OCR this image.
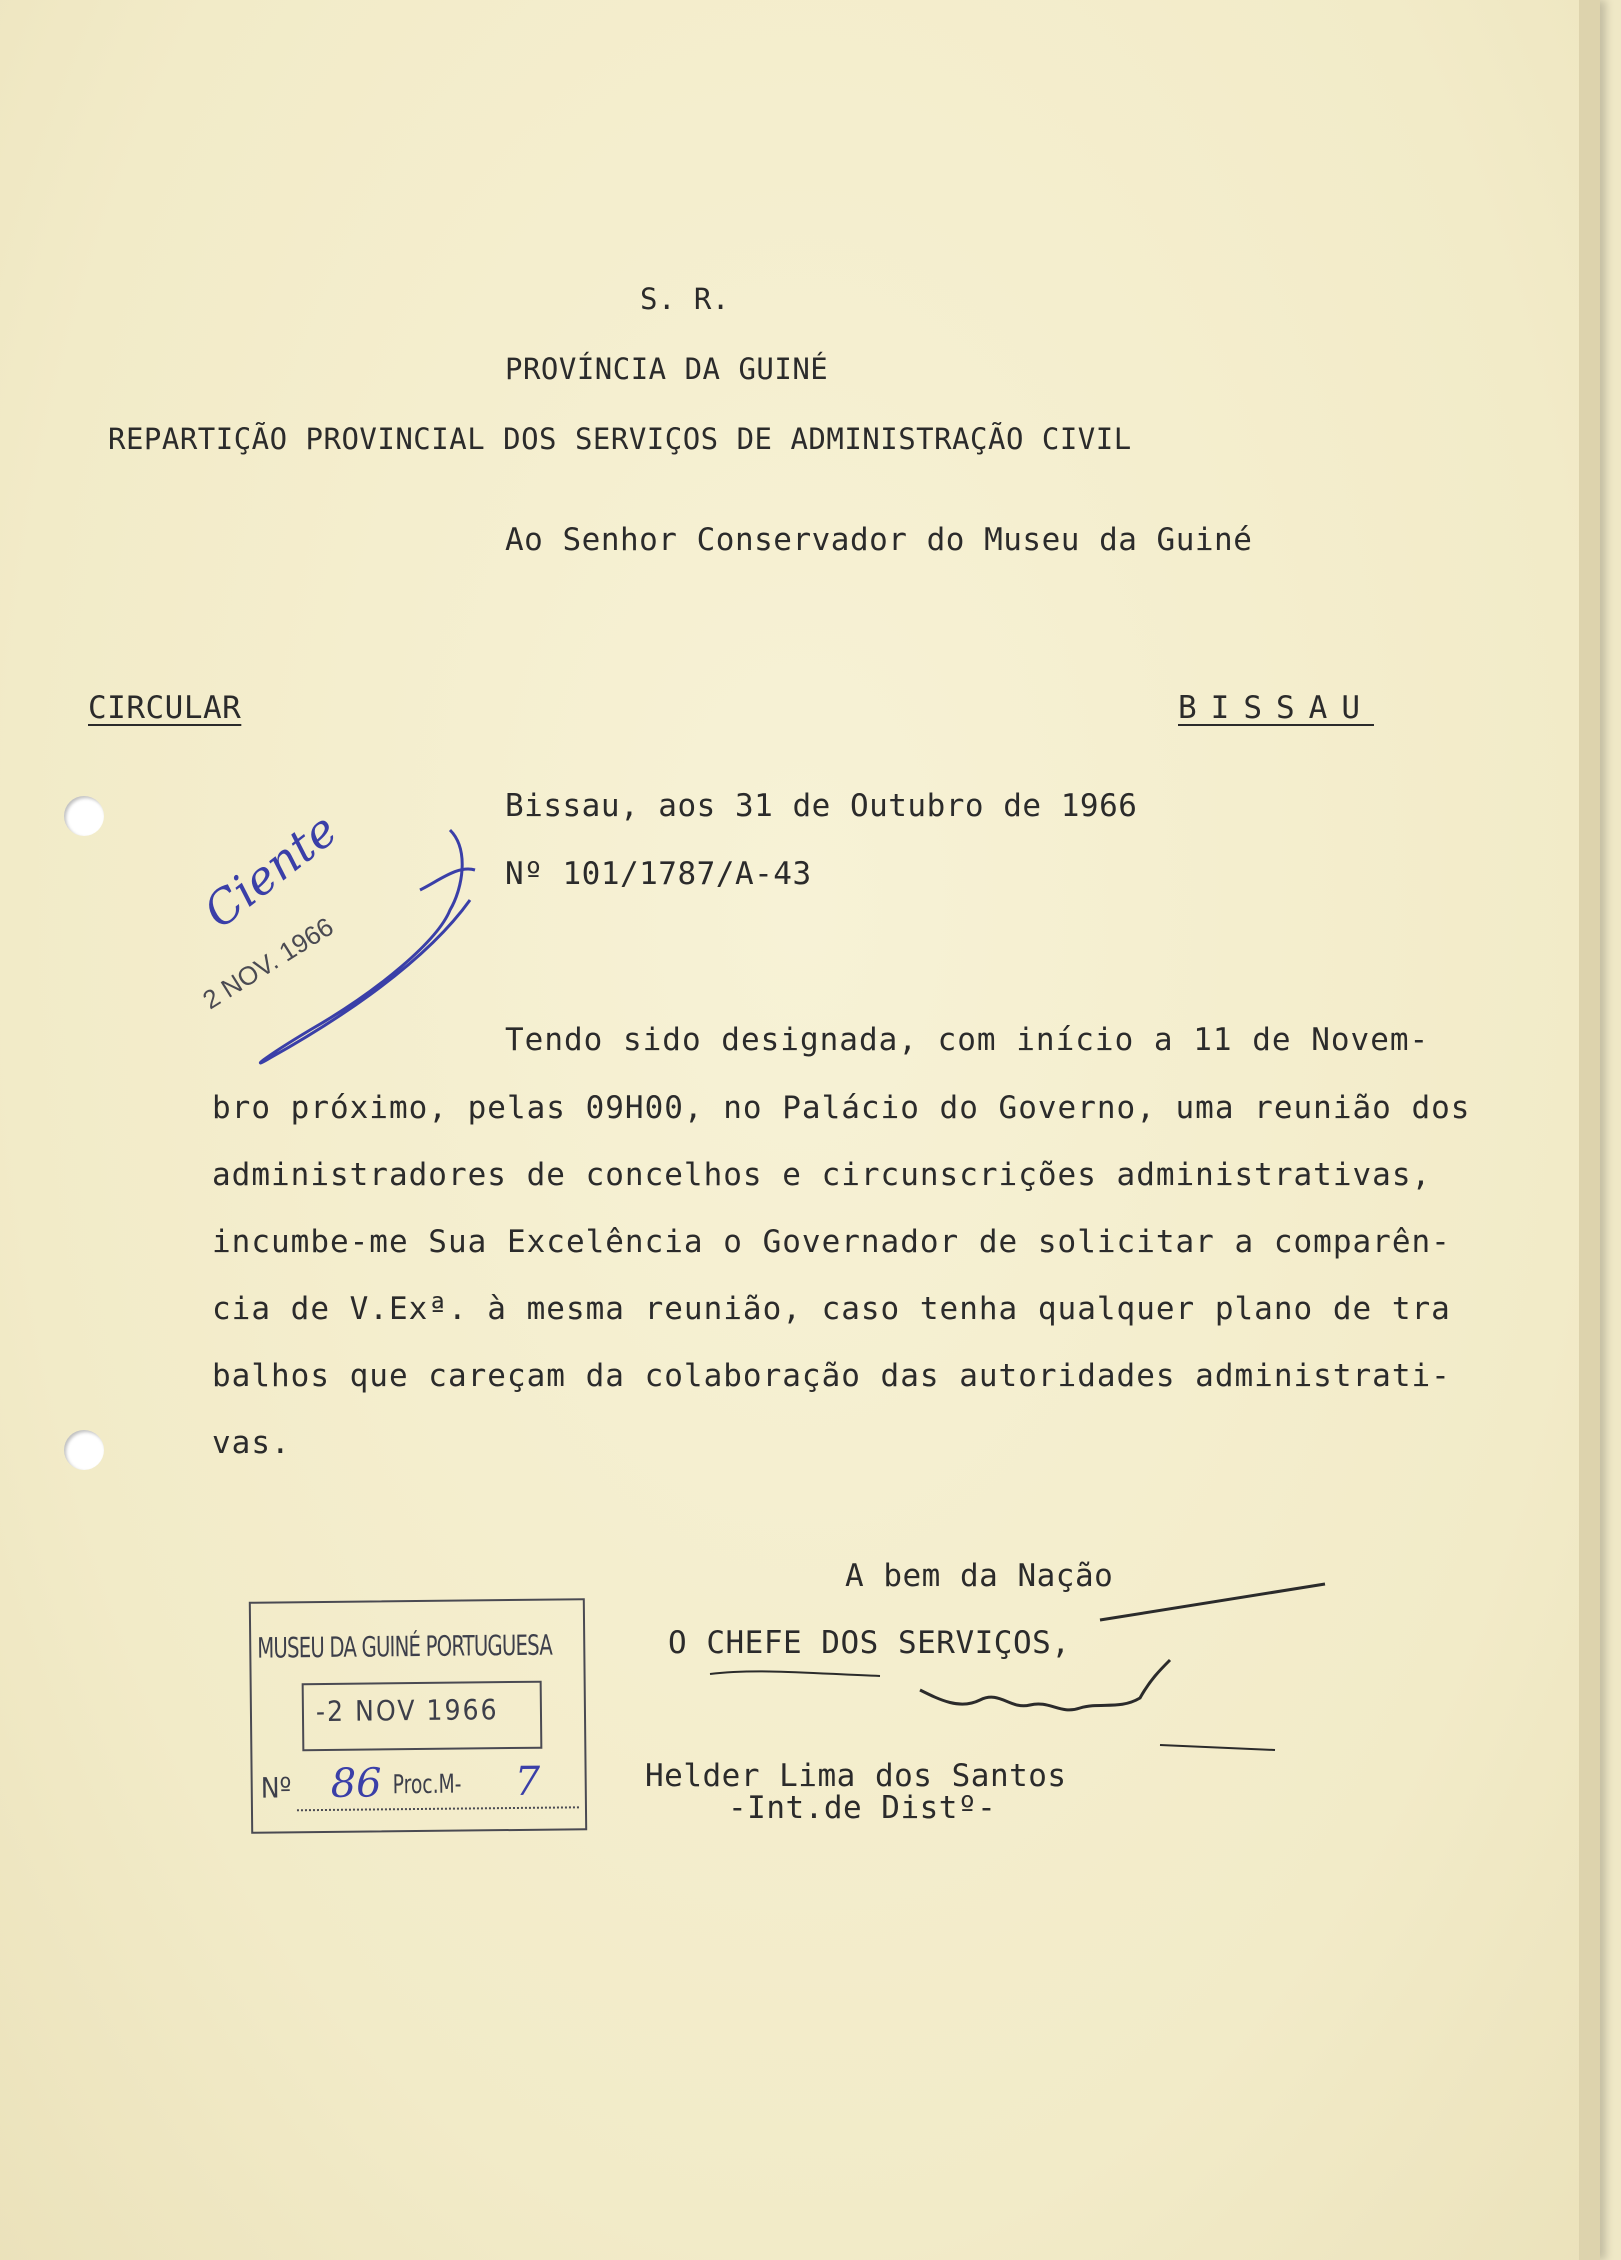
S. R.
PROVÍNCIA DA GUINÉ
REPARTIÇÃO PROVINCIAL DOS SERVIÇOS DE ADMINISTRAÇÃO CIVIL
Ao Senhor Conservador do Museu da Guiné
CIRCULAR	BISSAU
Bissau, aos 31 de Outubro de 1966
Nº 101/1787/A-43
Ciente
2 NOV. 1966
Tendo sido designada, com início a 11 de Novem-
bro próximo, pelas 09H00, no Palácio do Governo, uma reunião dos
administradores de concelhos e circunscrições administrativas,
incumbe-me Sua Excelência o Governador de solicitar a comparên-
cia de V.Exª. à mesma reunião, caso tenha qualquer plano de tra
balhos que careçam da colaboração das autoridades administrati-
vas.
A bem da Nação
O CHEFE DOS SERVIÇOS,
Helder Lima dos Santos
-Int.de Distº-
MUSEU DA GUINÉ PORTUGUESA
-2 NOV 1966
Nº 86 Proc.M- 7
